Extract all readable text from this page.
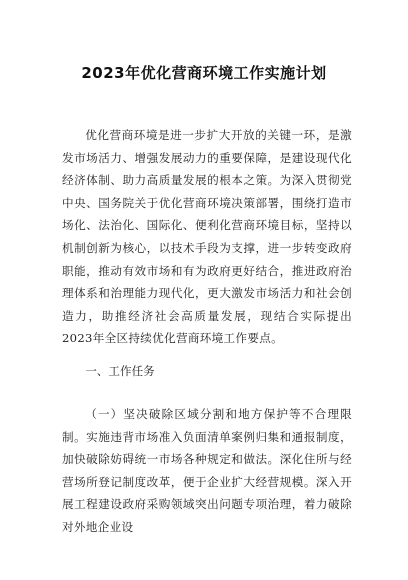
2023年优化营商环境工作实施计划
优化营商环境是进一步扩大开放的关键一环，是激发市场活力、增强发展动力的重要保障，是建设现代化经济体制、助力高质量发展的根本之策。为深入贯彻党中央、国务院关于优化营商环境决策部署，围绕打造市场化、法治化、国际化、便利化营商环境目标，坚持以机制创新为核心，以技术手段为支撑，进一步转变政府职能，推动有效市场和有为政府更好结合，推进政府治理体系和治理能力现代化，更大激发市场活力和社会创造力，助推经济社会高质量发展，现结合实际提出2023年全区持续优化营商环境工作要点。
一、工作任务
（一）坚决破除区域分割和地方保护等不合理限制。实施违背市场准入负面清单案例归集和通报制度，加快破除妨碍统一市场各种规定和做法。深化住所与经营场所登记制度改革，便于企业扩大经营规模。深入开展工程建设政府采购领域突出问题专项治理，着力破除对外地企业设
